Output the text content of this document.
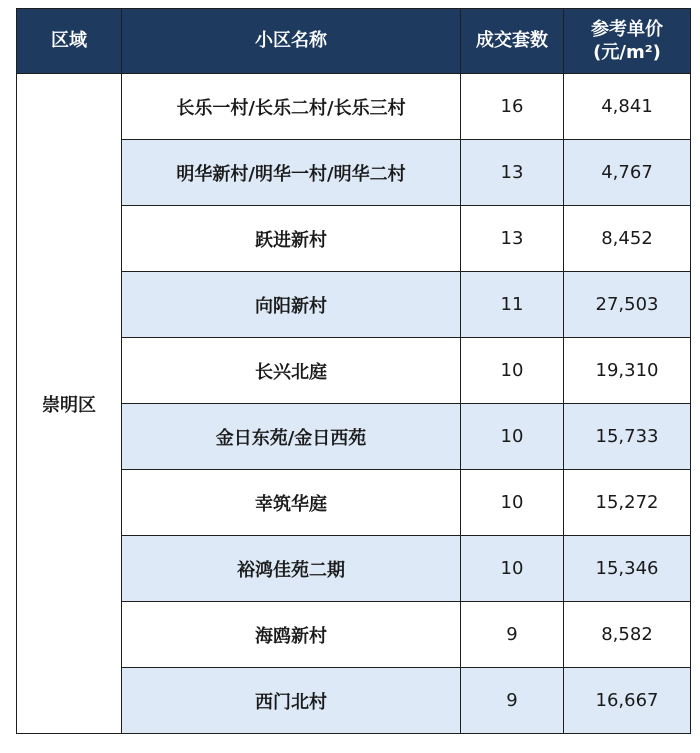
区域	小区名称	成交套数	参考单价
(元/m²)

崇明区	长乐一村/长乐二村/长乐三村	16	4,841
	明华新村/明华一村/明华二村	13	4,767
	跃进新村	13	8,452
	向阳新村	11	27,503
	长兴北庭	10	19,310
	金日东苑/金日西苑	10	15,733
	幸筑华庭	10	15,272
	裕鸿佳苑二期	10	15,346
	海鸥新村	9	8,582
	西门北村	9	16,667
